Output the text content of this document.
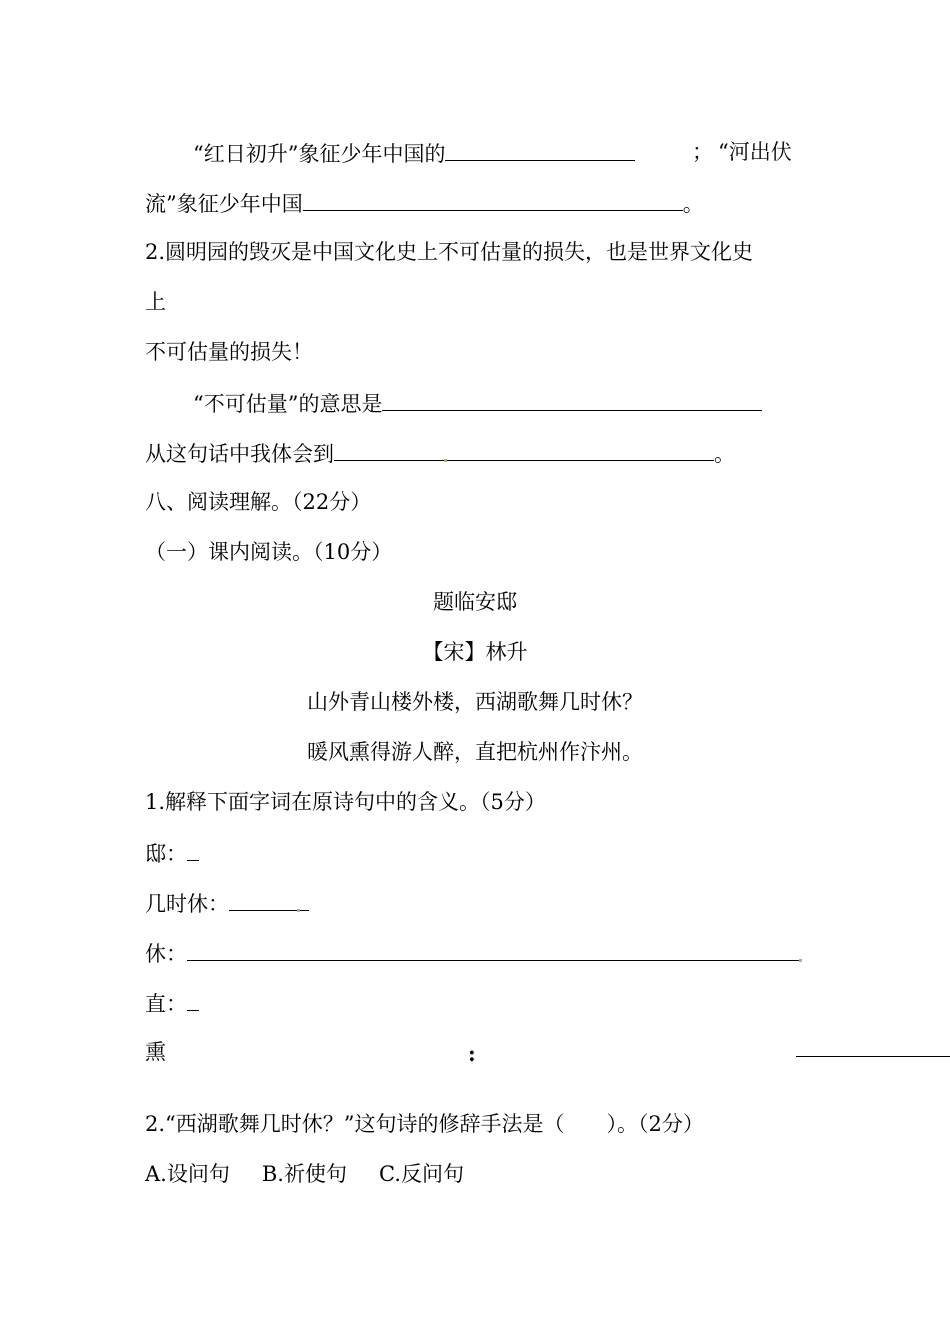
“红日初升”象征少年中国的	； “河出伏
流”象征少年中国	。
2.圆明园的毁灭是中国文化史上不可估量的损失，也是世界文化史
上
不可估量的损失！
“不可估量”的意思是
从这句话中我体会到	。
八、阅读理解。（22分）
（一）课内阅读。（10分）
题临安邸
【宋】林升
山外青山楼外楼，西湖歌舞几时休？
暖风熏得游人醉，直把杭州作汴州。
1.解释下面字词在原诗句中的含义。（5分）
邸：
几时休：
休：
直：
熏	:
2.“西湖歌舞几时休？”这句诗的修辞手法是（　　）。（2分）
A.设问句 B.祈使句 C.反问句
